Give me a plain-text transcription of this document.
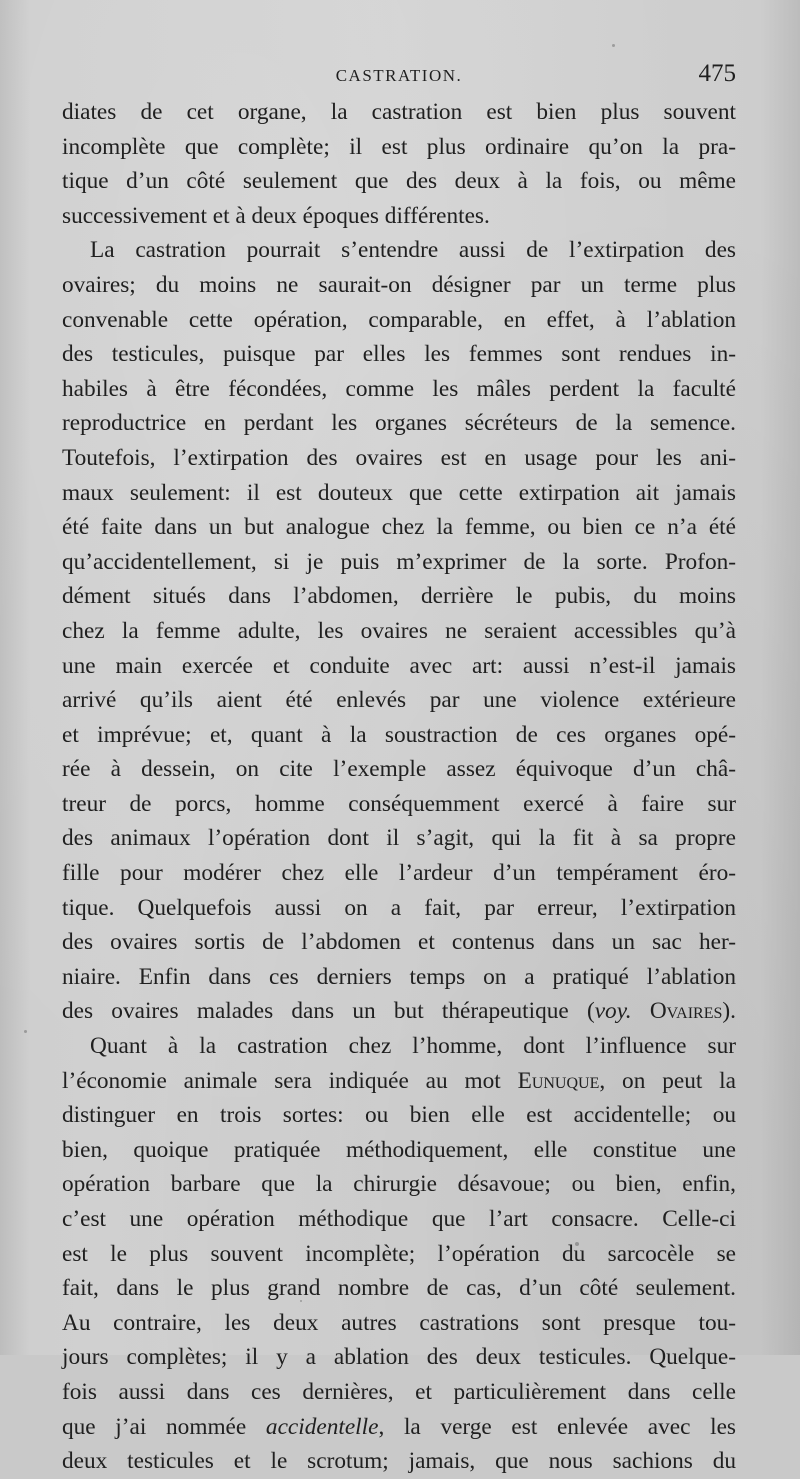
CASTRATION.	475
diates de cet organe, la castration est bien plus souvent
incomplète que complète; il est plus ordinaire qu’on la pra-
tique d’un côté seulement que des deux à la fois, ou même
successivement et à deux époques différentes.
La castration pourrait s’entendre aussi de l’extirpation des
ovaires; du moins ne saurait-on désigner par un terme plus
convenable cette opération, comparable, en effet, à l’ablation
des testicules, puisque par elles les femmes sont rendues in-
habiles à être fécondées, comme les mâles perdent la faculté
reproductrice en perdant les organes sécréteurs de la semence.
Toutefois, l’extirpation des ovaires est en usage pour les ani-
maux seulement: il est douteux que cette extirpation ait jamais
été faite dans un but analogue chez la femme, ou bien ce n’a été
qu’accidentellement, si je puis m’exprimer de la sorte. Profon-
dément situés dans l’abdomen, derrière le pubis, du moins
chez la femme adulte, les ovaires ne seraient accessibles qu’à
une main exercée et conduite avec art: aussi n’est-il jamais
arrivé qu’ils aient été enlevés par une violence extérieure
et imprévue; et, quant à la soustraction de ces organes opé-
rée à dessein, on cite l’exemple assez équivoque d’un châ-
treur de porcs, homme conséquemment exercé à faire sur
des animaux l’opération dont il s’agit, qui la fit à sa propre
fille pour modérer chez elle l’ardeur d’un tempérament éro-
tique. Quelquefois aussi on a fait, par erreur, l’extirpation
des ovaires sortis de l’abdomen et contenus dans un sac her-
niaire. Enfin dans ces derniers temps on a pratiqué l’ablation
des ovaires malades dans un but thérapeutique (voy. Ovaires).
Quant à la castration chez l’homme, dont l’influence sur
l’économie animale sera indiquée au mot Eunuque, on peut la
distinguer en trois sortes: ou bien elle est accidentelle; ou
bien, quoique pratiquée méthodiquement, elle constitue une
opération barbare que la chirurgie désavoue; ou bien, enfin,
c’est une opération méthodique que l’art consacre. Celle-ci
est le plus souvent incomplète; l’opération du sarcocèle se
fait, dans le plus grand nombre de cas, d’un côté seulement.
Au contraire, les deux autres castrations sont presque tou-
jours complètes; il y a ablation des deux testicules. Quelque-
fois aussi dans ces dernières, et particulièrement dans celle
que j’ai nommée accidentelle, la verge est enlevée avec les
deux testicules et le scrotum; jamais, que nous sachions du
